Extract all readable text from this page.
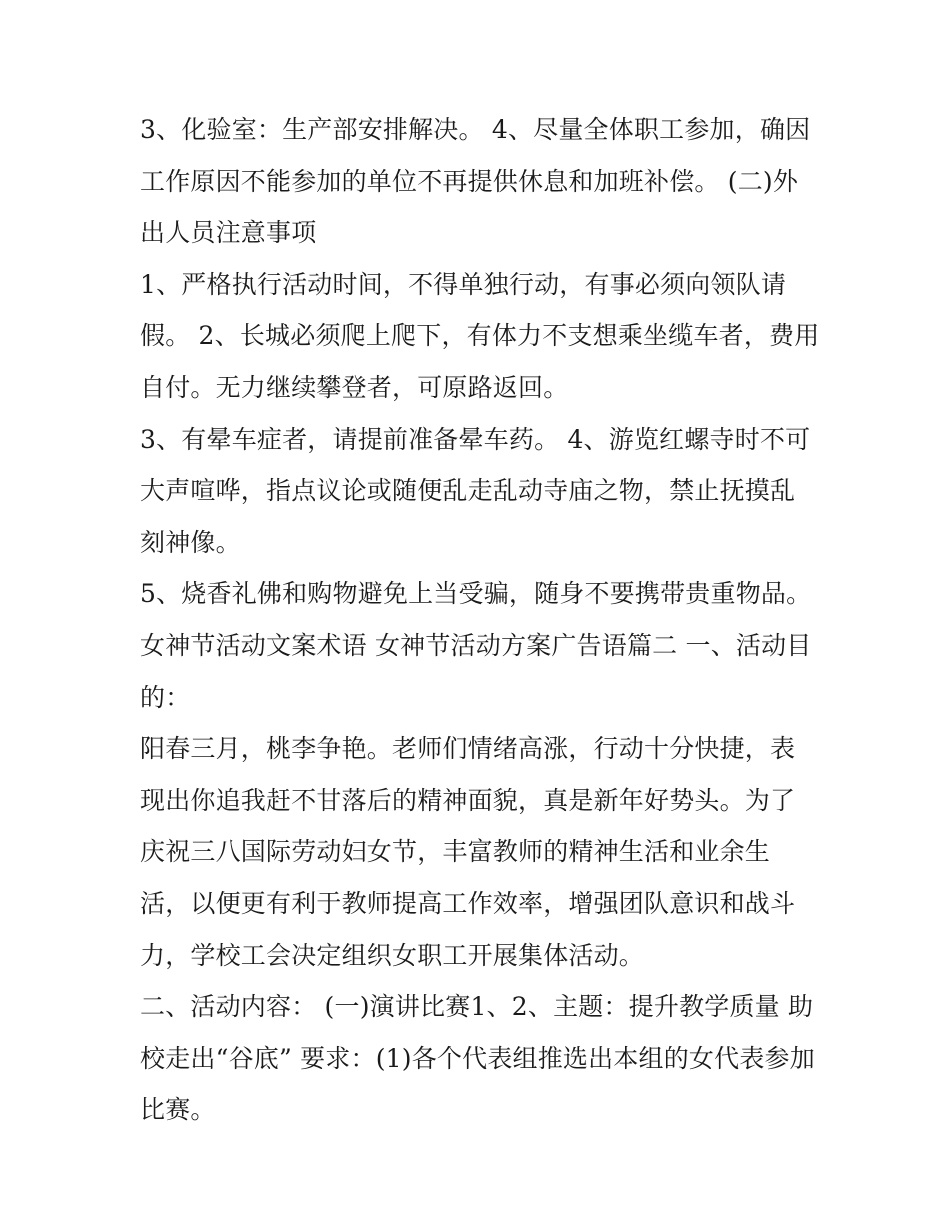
3、化验室：生产部安排解决。 4、尽量全体职工参加，确因工作原因不能参加的单位不再提供休息和加班补偿。 (二)外出人员注意事项

1、严格执行活动时间，不得单独行动，有事必须向领队请假。 2、长城必须爬上爬下，有体力不支想乘坐缆车者，费用自付。无力继续攀登者，可原路返回。

3、有晕车症者，请提前准备晕车药。 4、游览红螺寺时不可大声喧哗，指点议论或随便乱走乱动寺庙之物，禁止抚摸乱刻神像。

5、烧香礼佛和购物避免上当受骗，随身不要携带贵重物品。

女神节活动文案术语 女神节活动方案广告语篇二 一、活动目的：

阳春三月，桃李争艳。老师们情绪高涨，行动十分快捷，表现出你追我赶不甘落后的精神面貌，真是新年好势头。为了庆祝三八国际劳动妇女节，丰富教师的精神生活和业余生活，以便更有利于教师提高工作效率，增强团队意识和战斗力，学校工会决定组织女职工开展集体活动。

二、活动内容： (一)演讲比赛1、2、主题：提升教学质量 助校走出“谷底” 要求：(1)各个代表组推选出本组的女代表参加比赛。
